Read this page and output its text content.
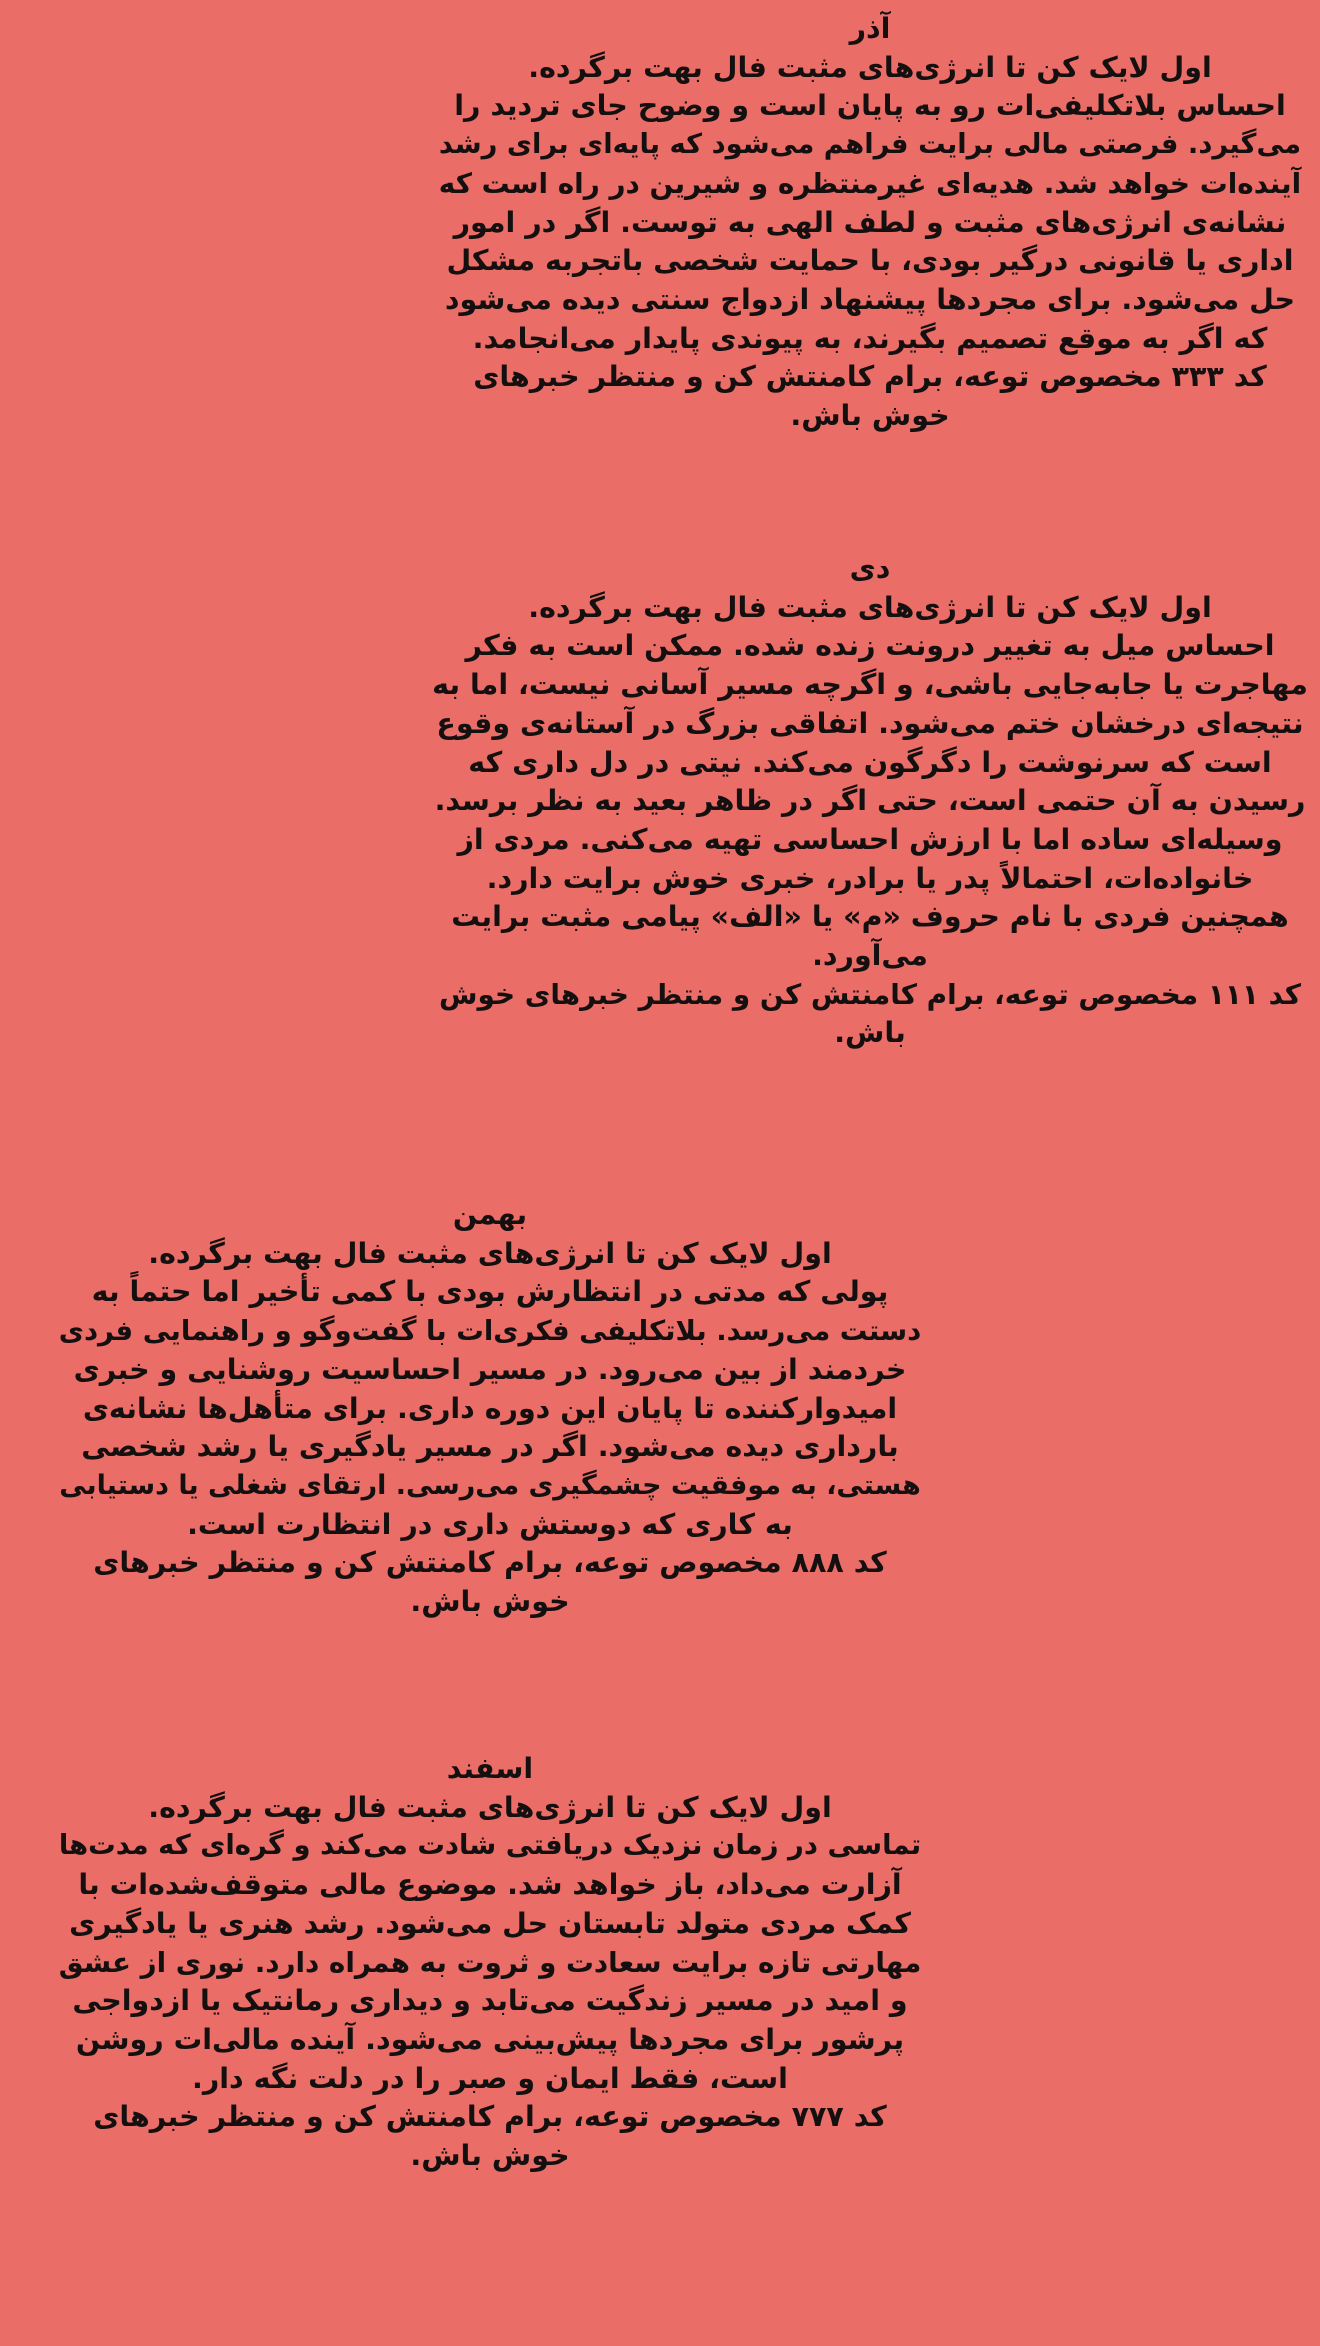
آذر
اول لایک کن تا انرژی‌های مثبت فال بهت برگرده.
احساس بلاتکلیفی‌ات رو به پایان است و وضوح جای تردید را
می‌گیرد. فرصتی مالی برایت فراهم می‌شود که پایه‌ای برای رشد
آینده‌ات خواهد شد. هدیه‌ای غیرمنتظره و شیرین در راه است که
نشانه‌ی انرژی‌های مثبت و لطف الهی به توست. اگر در امور
اداری یا قانونی درگیر بودی، با حمایت شخصی باتجربه مشکل
حل می‌شود. برای مجردها پیشنهاد ازدواج سنتی دیده می‌شود
که اگر به موقع تصمیم بگیرند، به پیوندی پایدار می‌انجامد.
کد ۳۳۳ مخصوص توعه، برام کامنتش کن و منتظر خبرهای
خوش باش.
دی
اول لایک کن تا انرژی‌های مثبت فال بهت برگرده.
احساس میل به تغییر درونت زنده شده. ممکن است به فکر
مهاجرت یا جابه‌جایی باشی، و اگرچه مسیر آسانی نیست، اما به
نتیجه‌ای درخشان ختم می‌شود. اتفاقی بزرگ در آستانه‌ی وقوع
است که سرنوشت را دگرگون می‌کند. نیتی در دل داری که
رسیدن به آن حتمی است، حتی اگر در ظاهر بعید به نظر برسد.
وسیله‌ای ساده اما با ارزش احساسی تهیه می‌کنی. مردی از
خانواده‌ات، احتمالاً پدر یا برادر، خبری خوش برایت دارد.
همچنین فردی با نام حروف «م» یا «الف» پیامی مثبت برایت
می‌آورد.
کد ۱۱۱ مخصوص توعه، برام کامنتش کن و منتظر خبرهای خوش
باش.
بهمن
اول لایک کن تا انرژی‌های مثبت فال بهت برگرده.
پولی که مدتی در انتظارش بودی با کمی تأخیر اما حتماً به
دستت می‌رسد. بلاتکلیفی فکری‌ات با گفت‌وگو و راهنمایی فردی
خردمند از بین می‌رود. در مسیر احساسیت روشنایی و خبری
امیدوارکننده تا پایان این دوره داری. برای متأهل‌ها نشانه‌ی
بارداری دیده می‌شود. اگر در مسیر یادگیری یا رشد شخصی
هستی، به موفقیت چشمگیری می‌رسی. ارتقای شغلی یا دستیابی
به کاری که دوستش داری در انتظارت است.
کد ۸۸۸ مخصوص توعه، برام کامنتش کن و منتظر خبرهای
خوش باش.
اسفند
اول لایک کن تا انرژی‌های مثبت فال بهت برگرده.
تماسی در زمان نزدیک دریافتی شادت می‌کند و گره‌ای که مدت‌ها
آزارت می‌داد، باز خواهد شد. موضوع مالی متوقف‌شده‌ات با
کمک مردی متولد تابستان حل می‌شود. رشد هنری یا یادگیری
مهارتی تازه برایت سعادت و ثروت به همراه دارد. نوری از عشق
و امید در مسیر زندگیت می‌تابد و دیداری رمانتیک یا ازدواجی
پرشور برای مجردها پیش‌بینی می‌شود. آینده مالی‌ات روشن
است، فقط ایمان و صبر را در دلت نگه دار.
کد ۷۷۷ مخصوص توعه، برام کامنتش کن و منتظر خبرهای
خوش باش.
